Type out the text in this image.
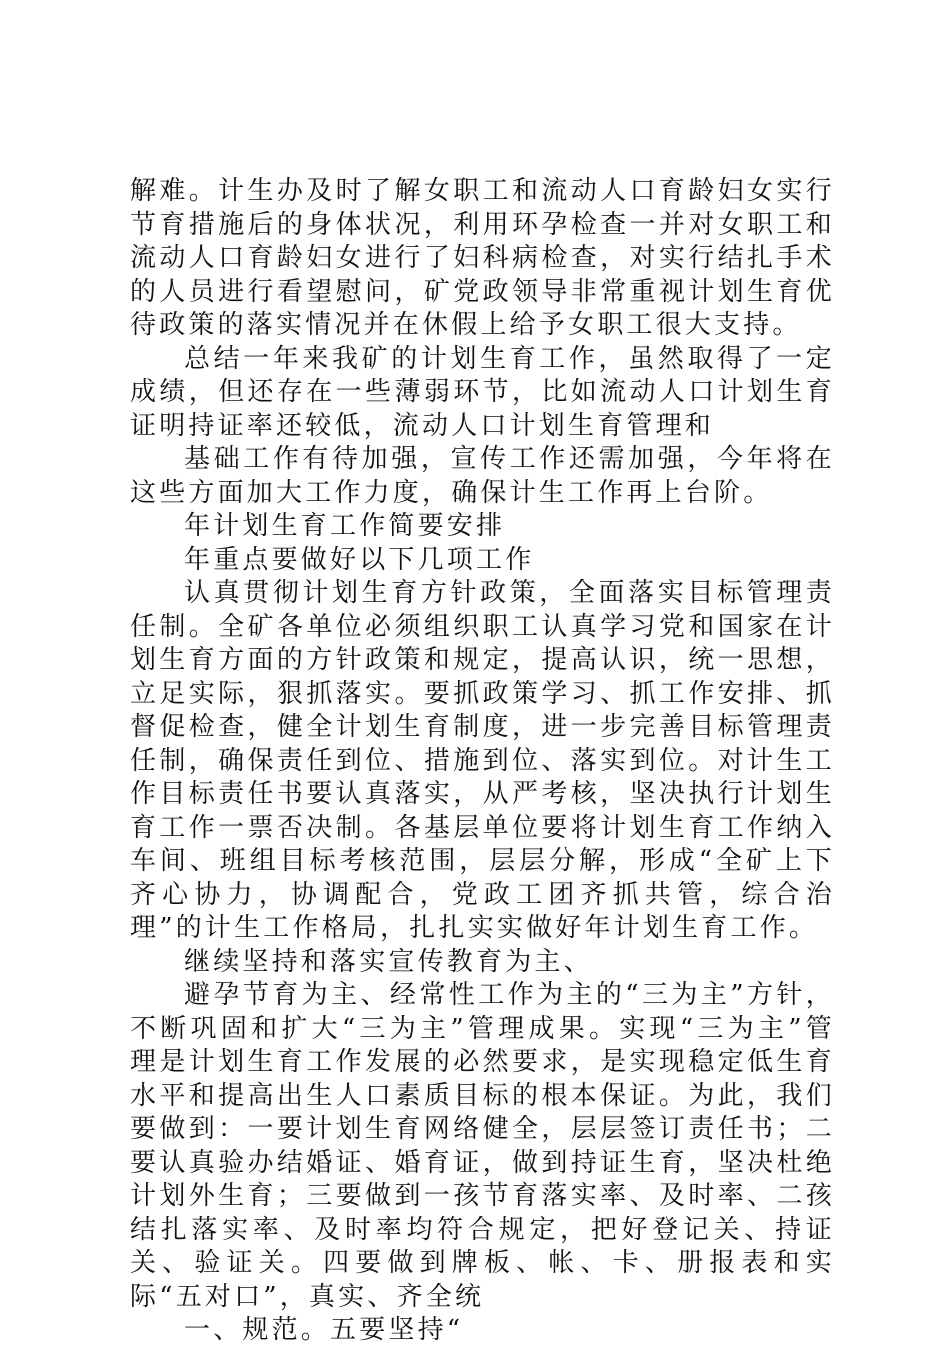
解难。计生办及时了解女职工和流动人口育龄妇女实行节育措施后的身体状况，利用环孕检查一并对女职工和流动人口育龄妇女进行了妇科病检查，对实行结扎手术的人员进行看望慰问，矿党政领导非常重视计划生育优待政策的落实情况并在休假上给予女职工很大支持。

总结一年来我矿的计划生育工作，虽然取得了一定成绩，但还存在一些薄弱环节，比如流动人口计划生育证明持证率还较低，流动人口计划生育管理和

基础工作有待加强，宣传工作还需加强，今年将在这些方面加大工作力度，确保计生工作再上台阶。

年计划生育工作简要安排

年重点要做好以下几项工作

认真贯彻计划生育方针政策，全面落实目标管理责任制。全矿各单位必须组织职工认真学习党和国家在计划生育方面的方针政策和规定，提高认识，统一思想，立足实际，狠抓落实。要抓政策学习、抓工作安排、抓督促检查，健全计划生育制度，进一步完善目标管理责任制，确保责任到位、措施到位、落实到位。对计生工作目标责任书要认真落实，从严考核，坚决执行计划生育工作一票否决制。各基层单位要将计划生育工作纳入车间、班组目标考核范围，层层分解，形成“全矿上下齐心协力，协调配合，党政工团齐抓共管，综合治理”的计生工作格局，扎扎实实做好年计划生育工作。

继续坚持和落实宣传教育为主、

避孕节育为主、经常性工作为主的“三为主”方针，不断巩固和扩大“三为主”管理成果。实现“三为主”管理是计划生育工作发展的必然要求，是实现稳定低生育水平和提高出生人口素质目标的根本保证。为此，我们要做到：一要计划生育网络健全，层层签订责任书；二要认真验办结婚证、婚育证，做到持证生育，坚决杜绝计划外生育；三要做到一孩节育落实率、及时率、二孩结扎落实率、及时率均符合规定，把好登记关、持证关、验证关。四要做到牌板、帐、卡、册报表和实际“五对口”，真实、齐全统

一、规范。五要坚持“
